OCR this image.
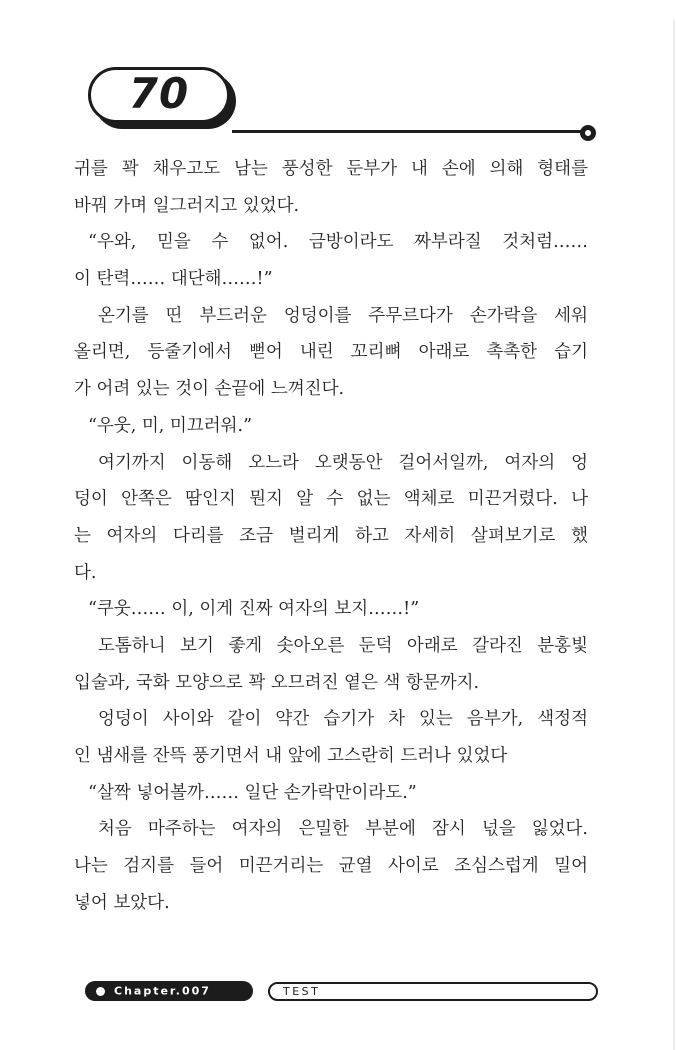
70
귀를 꽉 채우고도 남는 풍성한 둔부가 내 손에 의해 형태를
바꿔 가며 일그러지고 있었다.
“우와, 믿을 수 없어. 금방이라도 짜부라질 것처럼……
이 탄력…… 대단해……!”
온기를 띤 부드러운 엉덩이를 주무르다가 손가락을 세워
올리면, 등줄기에서 뻗어 내린 꼬리뼈 아래로 촉촉한 습기
가 어려 있는 것이 손끝에 느껴진다.
“우웃, 미, 미끄러워.”
여기까지 이동해 오느라 오랫동안 걸어서일까, 여자의 엉
덩이 안쪽은 땀인지 뭔지 알 수 없는 액체로 미끈거렸다. 나
는 여자의 다리를 조금 벌리게 하고 자세히 살펴보기로 했
다.
“쿠웃…… 이, 이게 진짜 여자의 보지……!”
도톰하니 보기 좋게 솟아오른 둔덕 아래로 갈라진 분홍빛
입술과, 국화 모양으로 꽉 오므려진 옅은 색 항문까지.
엉덩이 사이와 같이 약간 습기가 차 있는 음부가, 색정적
인 냄새를 잔뜩 풍기면서 내 앞에 고스란히 드러나 있었다
“살짝 넣어볼까…… 일단 손가락만이라도.”
처음 마주하는 여자의 은밀한 부분에 잠시 넋을 잃었다.
나는 검지를 들어 미끈거리는 균열 사이로 조심스럽게 밀어
넣어 보았다.
Chapter.007	TEST
